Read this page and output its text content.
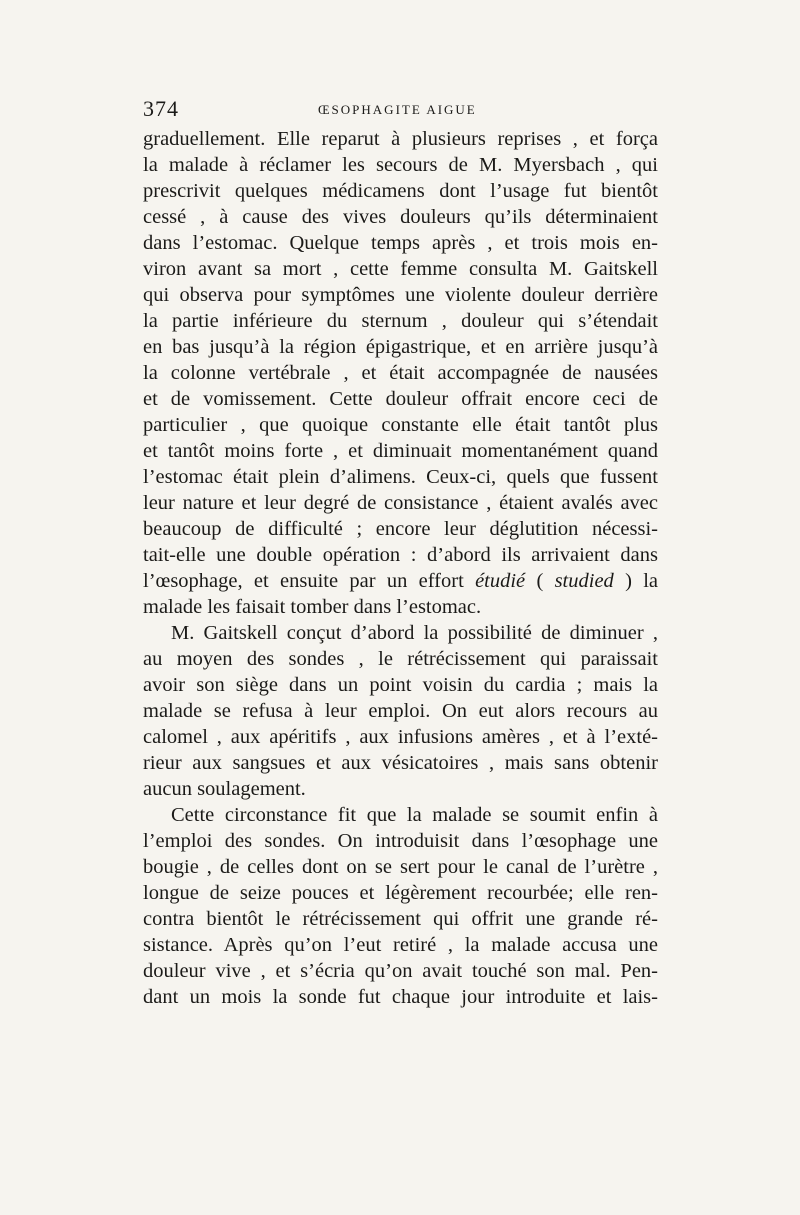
374	ŒSOPHAGITE AIGUE
graduellement. Elle reparut à plusieurs reprises , et força
la malade à réclamer les secours de M. Myersbach , qui
prescrivit quelques médicamens dont l’usage fut bientôt
cessé , à cause des vives douleurs qu’ils déterminaient
dans l’estomac. Quelque temps après , et trois mois en-
viron avant sa mort , cette femme consulta M. Gaitskell
qui observa pour symptômes une violente douleur derrière
la partie inférieure du sternum , douleur qui s’étendait
en bas jusqu’à la région épigastrique, et en arrière jusqu’à
la colonne vertébrale , et était accompagnée de nausées
et de vomissement. Cette douleur offrait encore ceci de
particulier , que quoique constante elle était tantôt plus
et tantôt moins forte , et diminuait momentanément quand
l’estomac était plein d’alimens. Ceux-ci, quels que fussent
leur nature et leur degré de consistance , étaient avalés avec
beaucoup de difficulté ; encore leur déglutition nécessi-
tait-elle une double opération : d’abord ils arrivaient dans
l’œsophage, et ensuite par un effort étudié ( studied ) la
malade les faisait tomber dans l’estomac.
M. Gaitskell conçut d’abord la possibilité de diminuer ,
au moyen des sondes , le rétrécissement qui paraissait
avoir son siège dans un point voisin du cardia ; mais la
malade se refusa à leur emploi. On eut alors recours au
calomel , aux apéritifs , aux infusions amères , et à l’exté-
rieur aux sangsues et aux vésicatoires , mais sans obtenir
aucun soulagement.
Cette circonstance fit que la malade se soumit enfin à
l’emploi des sondes. On introduisit dans l’œsophage une
bougie , de celles dont on se sert pour le canal de l’urètre ,
longue de seize pouces et légèrement recourbée; elle ren-
contra bientôt le rétrécissement qui offrit une grande ré-
sistance. Après qu’on l’eut retiré , la malade accusa une
douleur vive , et s’écria qu’on avait touché son mal. Pen-
dant un mois la sonde fut chaque jour introduite et lais-
